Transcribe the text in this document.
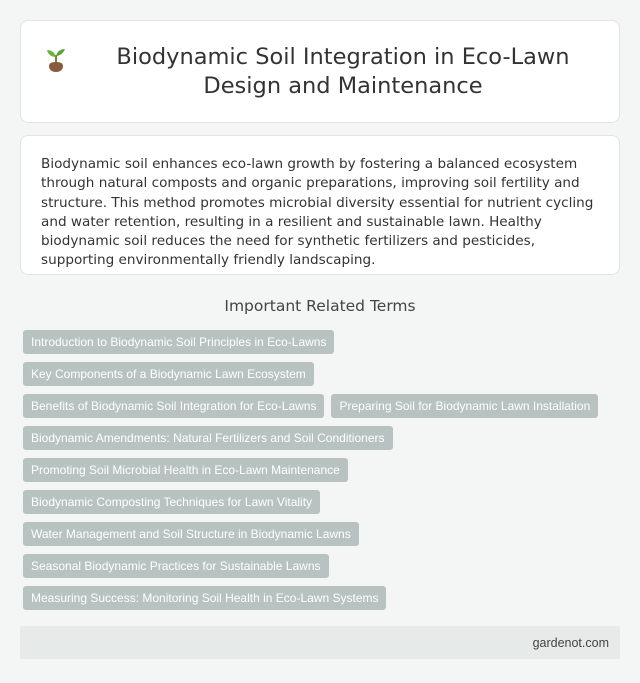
Biodynamic Soil Integration in Eco-Lawn Design and Maintenance

Biodynamic soil enhances eco-lawn growth by fostering a balanced ecosystem through natural composts and organic preparations, improving soil fertility and structure. This method promotes microbial diversity essential for nutrient cycling and water retention, resulting in a resilient and sustainable lawn. Healthy biodynamic soil reduces the need for synthetic fertilizers and pesticides, supporting environmentally friendly landscaping.

Important Related Terms
Introduction to Biodynamic Soil Principles in Eco-Lawns
Key Components of a Biodynamic Lawn Ecosystem
Benefits of Biodynamic Soil Integration for Eco-Lawns	Preparing Soil for Biodynamic Lawn Installation
Biodynamic Amendments: Natural Fertilizers and Soil Conditioners
Promoting Soil Microbial Health in Eco-Lawn Maintenance
Biodynamic Composting Techniques for Lawn Vitality
Water Management and Soil Structure in Biodynamic Lawns
Seasonal Biodynamic Practices for Sustainable Lawns
Measuring Success: Monitoring Soil Health in Eco-Lawn Systems
gardenot.com
